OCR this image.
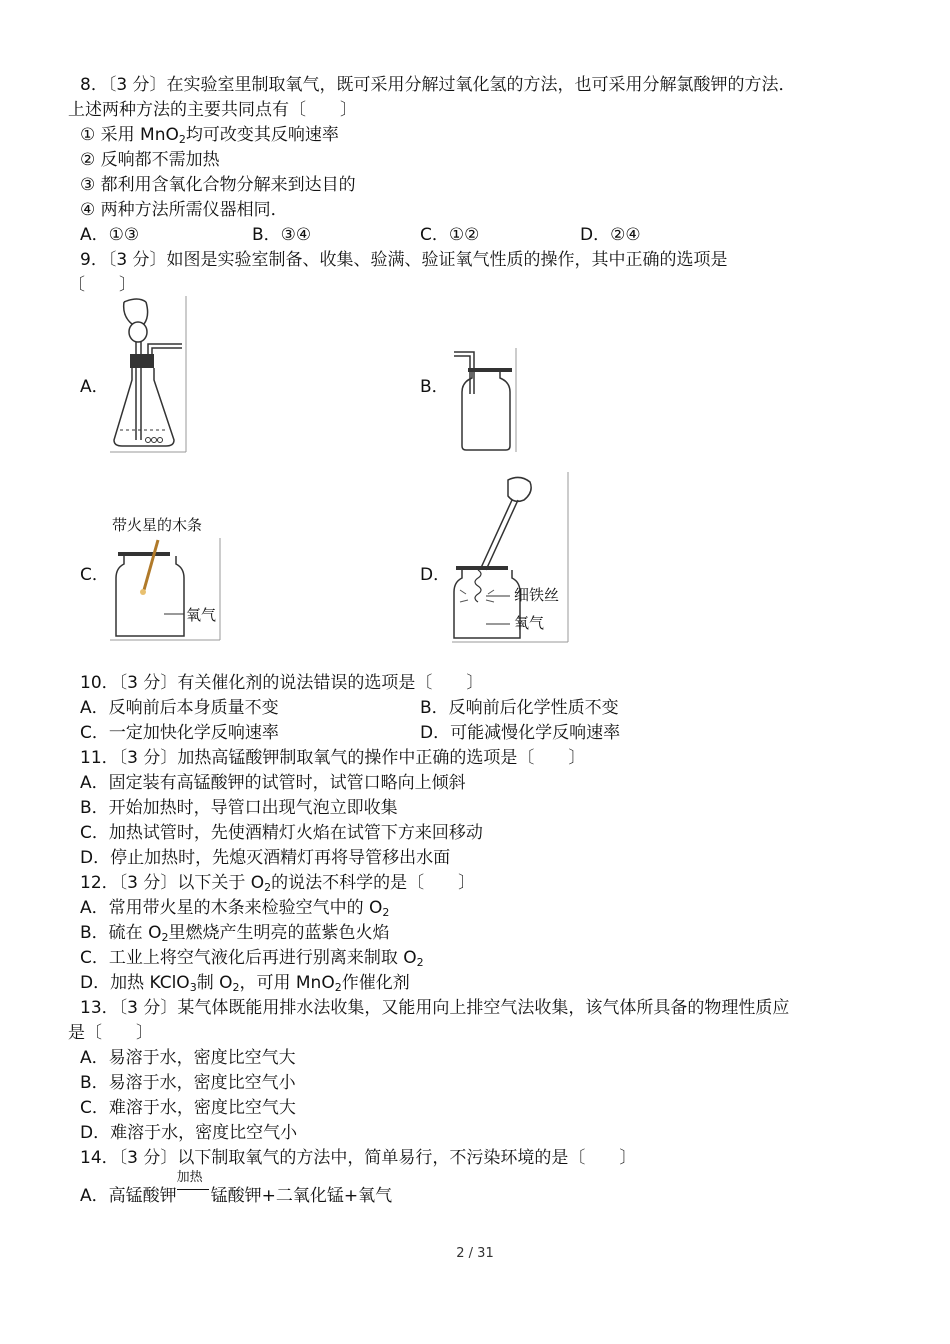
8．〔3 分〕在实验室里制取氧气，既可采用分解过氧化氢的方法，也可采用分解氯酸钾的方法．
上述两种方法的主要共同点有〔　　〕
① 采用 MnO$_2$均可改变其反响速率
② 反响都不需加热
③ 都利用含氧化合物分解来到达目的
④ 两种方法所需仪器相同．
A．①③	B．③④	C．①②	D．②④
9．〔3 分〕如图是实验室制备、收集、验满、验证氧气性质的操作，其中正确的选项是
〔　　〕
A．	B．
C．
带火星的木条
氧气
D．
细铁丝
氧气
10．〔3 分〕有关催化剂的说法错误的选项是〔　　〕
A．反响前后本身质量不变	B．反响前后化学性质不变
C．一定加快化学反响速率	D．可能减慢化学反响速率
11．〔3 分〕加热高锰酸钾制取氧气的操作中正确的选项是〔　　〕
A．固定装有高锰酸钾的试管时，试管口略向上倾斜
B．开始加热时，导管口出现气泡立即收集
C．加热试管时，先使酒精灯火焰在试管下方来回移动
D．停止加热时，先熄灭酒精灯再将导管移出水面
12．〔3 分〕以下关于 $O_2$的说法不科学的是〔　　〕
A．常用带火星的木条来检验空气中的 $O_2$
B．硫在 $O_2$里燃烧产生明亮的蓝紫色火焰
C．工业上将空气液化后再进行别离来制取 $O_2$
D．加热 KClO$_3$制 $O_2$，可用 MnO$_2$作催化剂
13．〔3 分〕某气体既能用排水法收集，又能用向上排空气法收集，该气体所具备的物理性质应
是〔　　〕
A．易溶于水，密度比空气大
B．易溶于水，密度比空气小
C．难溶于水，密度比空气大
D．难溶于水，密度比空气小
14．〔3 分〕以下制取氧气的方法中，简单易行，不污染环境的是〔　　〕
A．高锰酸钾
加热
锰酸钾+二氧化锰+氧气
2 / 31
